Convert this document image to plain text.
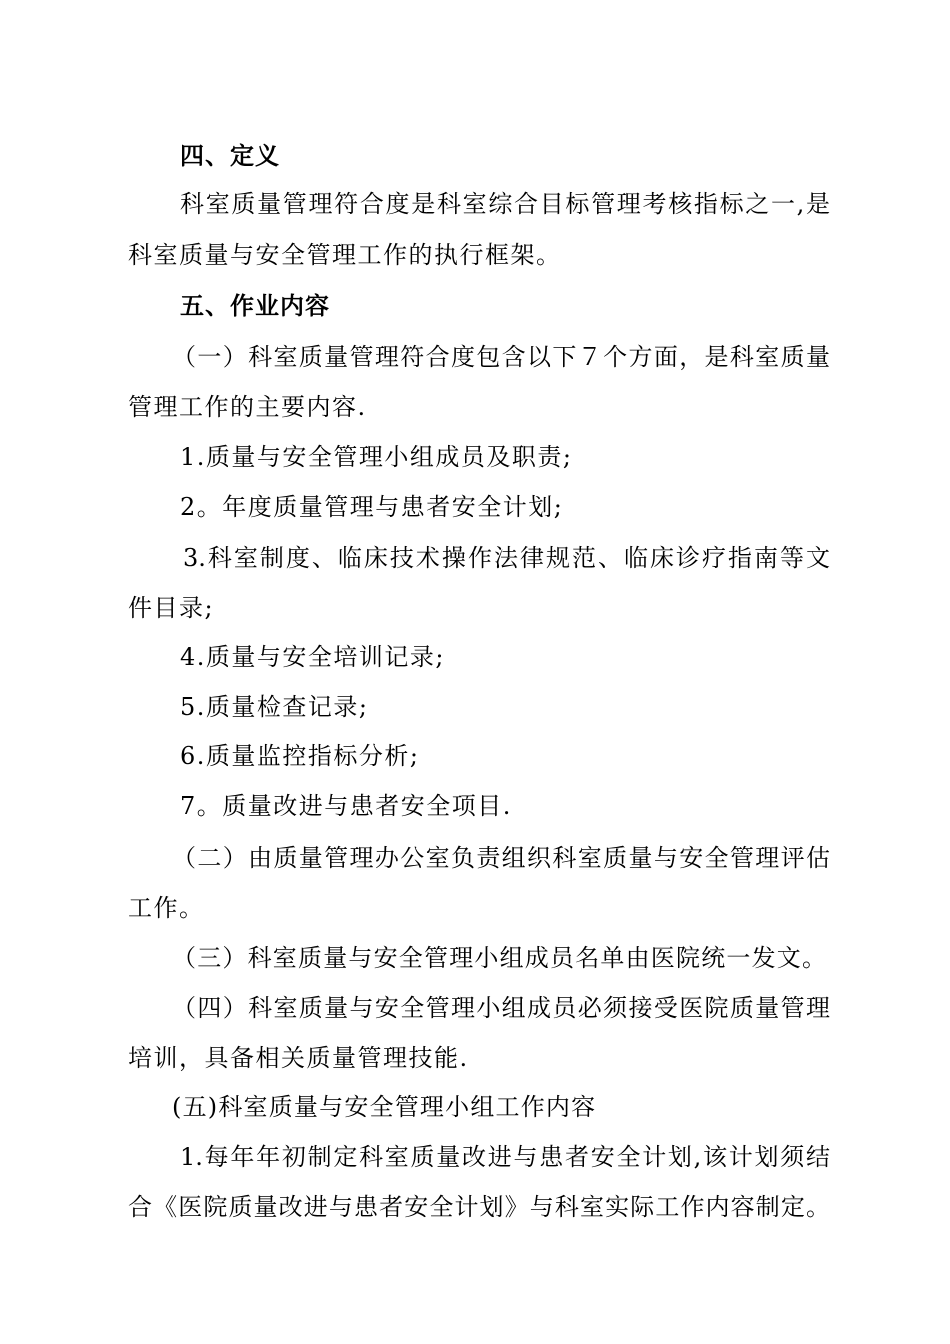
四、定义
科室质量管理符合度是科室综合目标管理考核指标之一,是
科室质量与安全管理工作的执行框架。
五、作业内容
（一）科室质量管理符合度包含以下７个方面，是科室质量
管理工作的主要内容.
1.质量与安全管理小组成员及职责;
2。年度质量管理与患者安全计划;
3.科室制度、临床技术操作法律规范、临床诊疗指南等文
件目录;
4.质量与安全培训记录;
5.质量检查记录;
6.质量监控指标分析;
7。质量改进与患者安全项目.
（二）由质量管理办公室负责组织科室质量与安全管理评估
工作。
（三）科室质量与安全管理小组成员名单由医院统一发文。
（四）科室质量与安全管理小组成员必须接受医院质量管理
培训，具备相关质量管理技能.
(五)科室质量与安全管理小组工作内容
1.每年年初制定科室质量改进与患者安全计划,该计划须结
合《医院质量改进与患者安全计划》与科室实际工作内容制定。
